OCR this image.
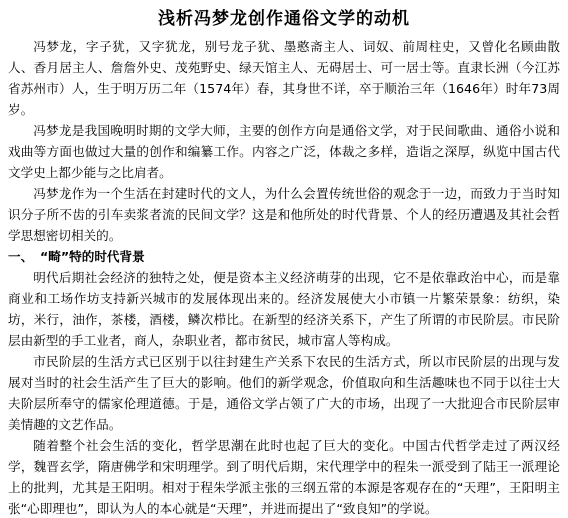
浅析冯梦龙创作通俗文学的动机

冯梦龙，字子犹，又字犹龙，别号龙子犹、墨憨斋主人、词奴、前周柱史，又曾化名顾曲散人、香月居主人、詹詹外史、茂苑野史、绿天馆主人、无碍居士、可一居士等。直隶长洲（今江苏省苏州市）人，生于明万历二年（1574年）春，其身世不详，卒于顺治三年（1646年）时年73周岁。

冯梦龙是我国晚明时期的文学大师，主要的创作方向是通俗文学，对于民间歌曲、通俗小说和戏曲等方面也做过大量的创作和编纂工作。内容之广泛，体裁之多样，造诣之深厚，纵览中国古代文学史上都少能与之比肩者。

冯梦龙作为一个生活在封建时代的文人，为什么会置传统世俗的观念于一边，而致力于当时知识分子所不齿的引车卖浆者流的民间文学？这是和他所处的时代背景、个人的经历遭遇及其社会哲学思想密切相关的。

一、 “畸”特的时代背景

明代后期社会经济的独特之处，便是资本主义经济萌芽的出现，它不是依靠政治中心，而是靠商业和工场作坊支持新兴城市的发展体现出来的。经济发展使大小市镇一片繁荣景象：纺织，染坊，米行，油作，茶楼，酒楼，鳞次栉比。在新型的经济关系下，产生了所谓的市民阶层。市民阶层由新型的手工业者，商人，杂职业者，都市贫民，城市富人等构成。

市民阶层的生活方式已区别于以往封建生产关系下农民的生活方式，所以市民阶层的出现与发展对当时的社会生活产生了巨大的影响。他们的新学观念，价值取向和生活趣味也不同于以往士大夫阶层所奉守的儒家伦理道德。于是，通俗文学占领了广大的市场，出现了一大批迎合市民阶层审美情趣的文艺作品。

随着整个社会生活的变化，哲学思潮在此时也起了巨大的变化。中国古代哲学走过了两汉经学，魏晋玄学，隋唐佛学和宋明理学。到了明代后期，宋代理学中的程朱一派受到了陆王一派理论上的批判，尤其是王阳明。相对于程朱学派主张的三纲五常的本源是客观存在的“天理”，王阳明主张“心即理也”，即认为人的本心就是“天理”，并进而提出了“致良知”的学说。
